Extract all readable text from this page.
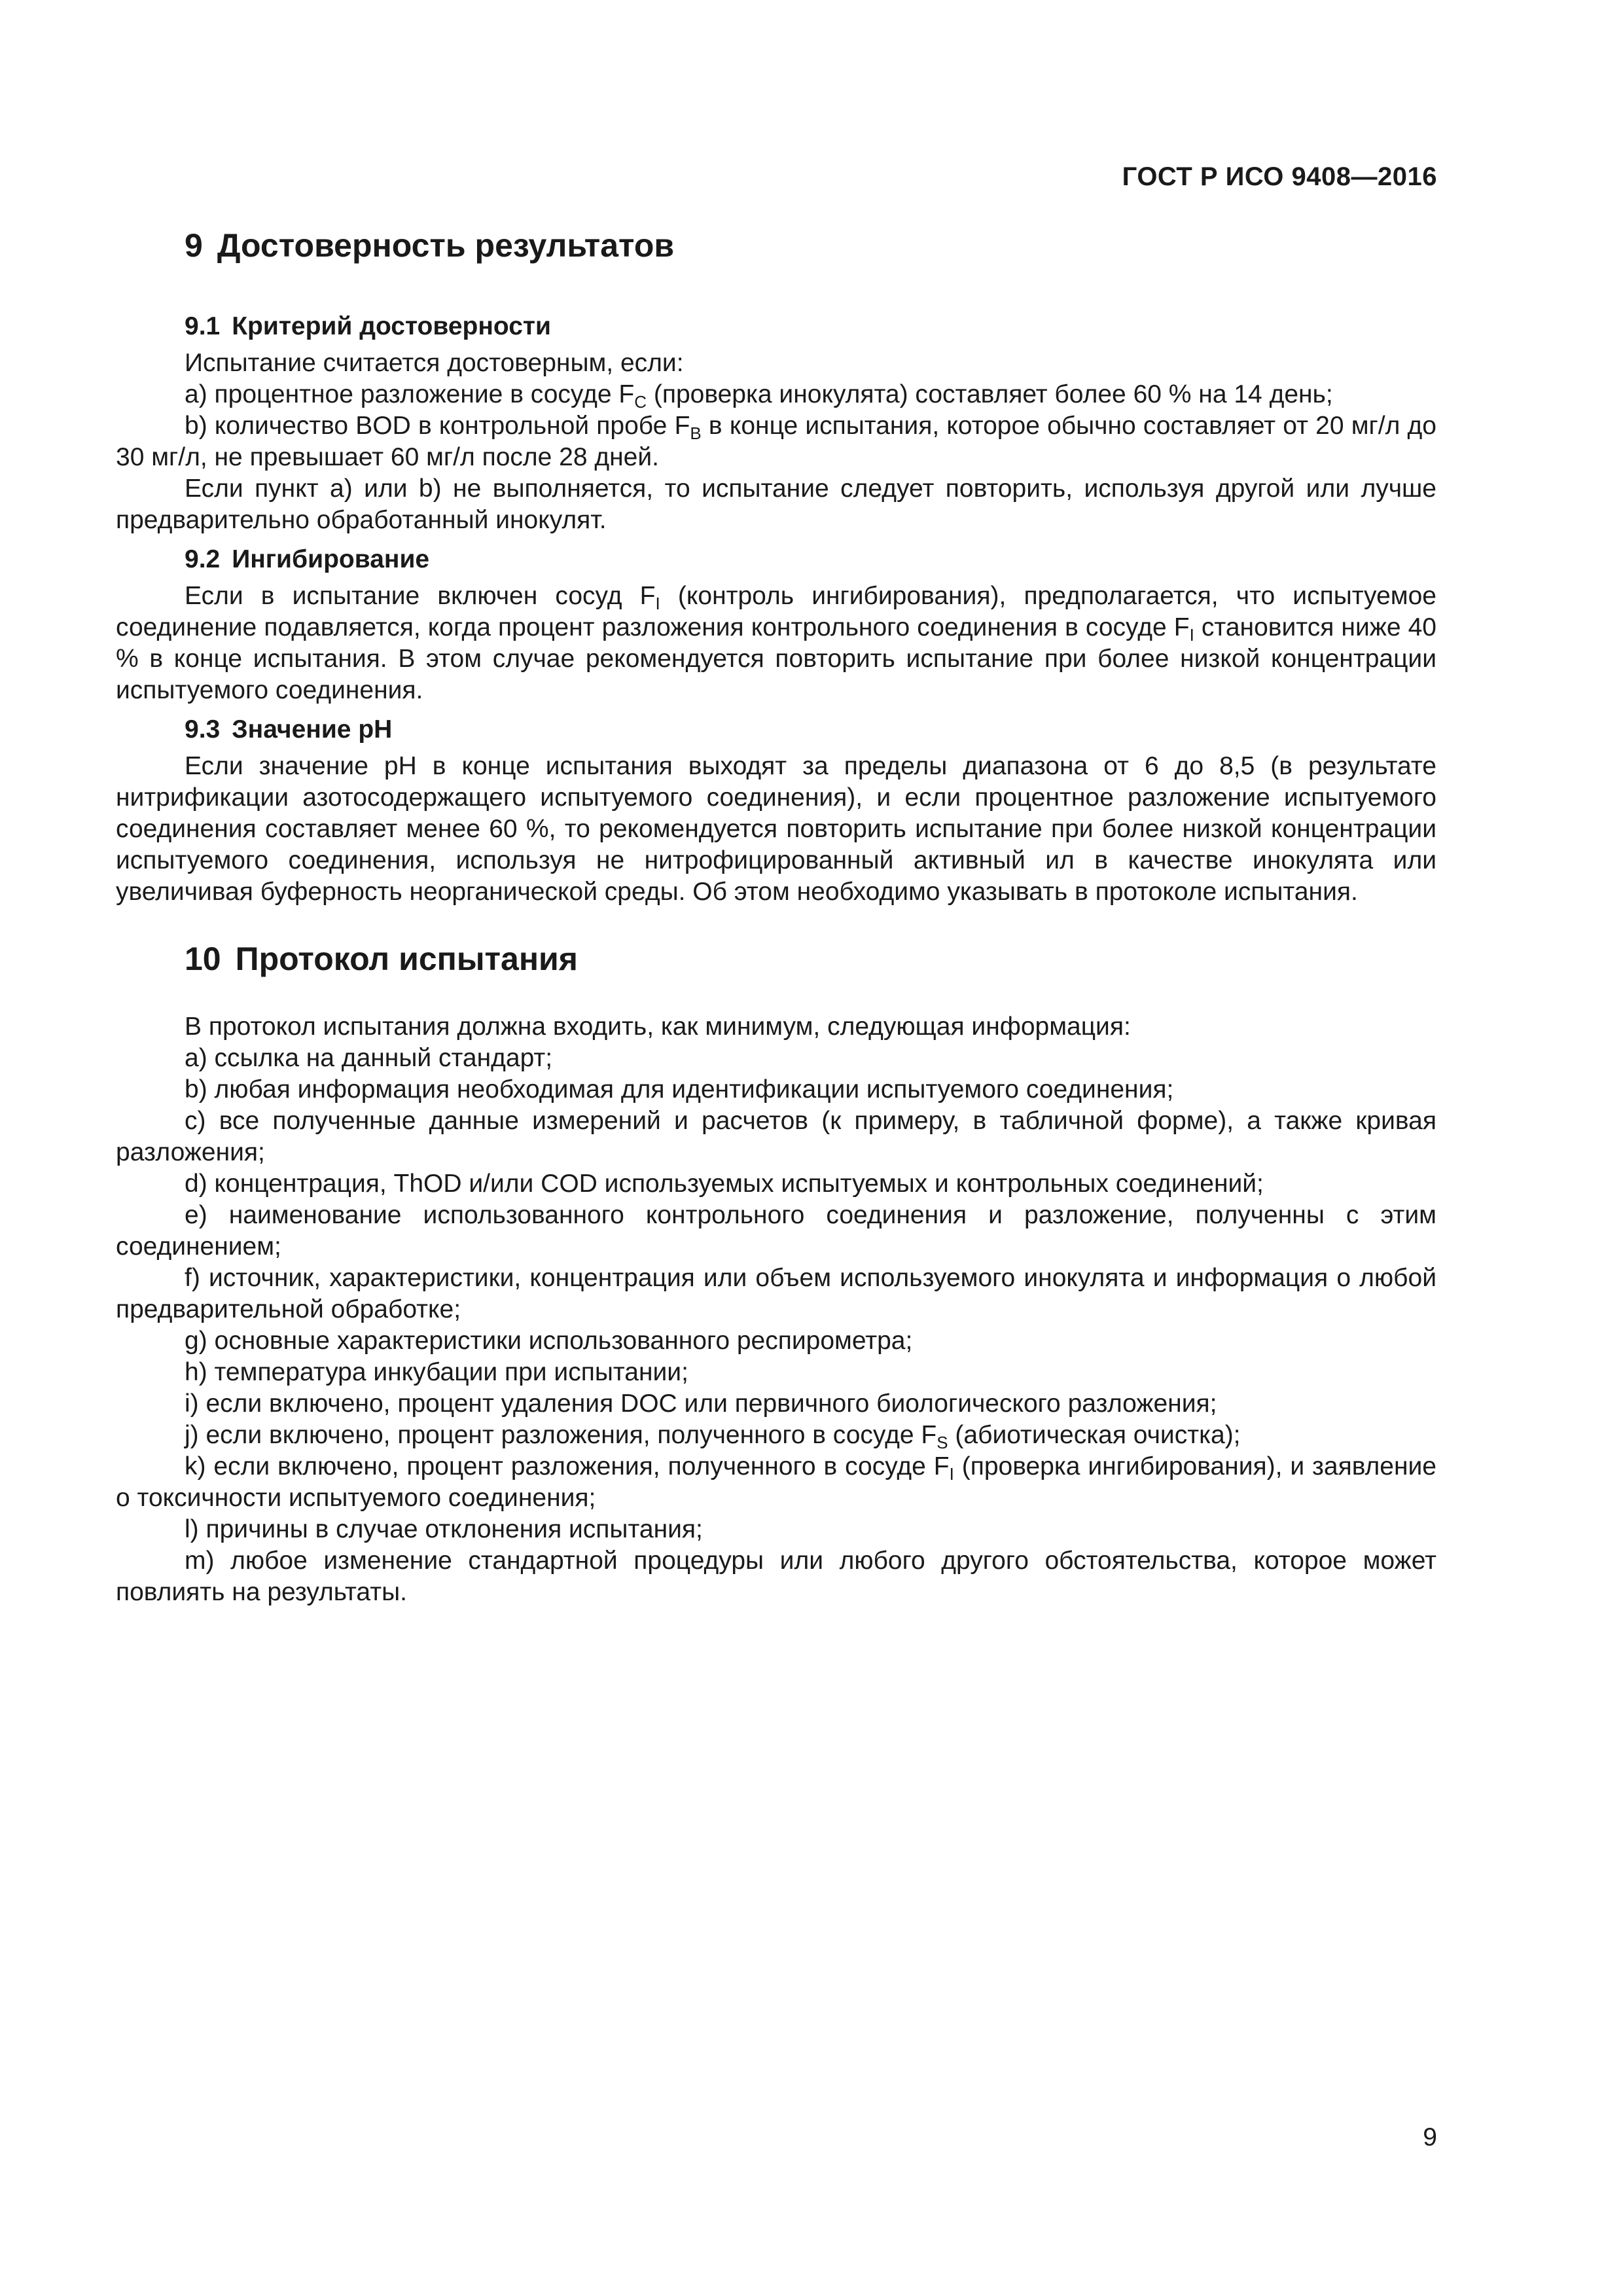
ГОСТ Р ИСО 9408—2016
9 Достоверность результатов
9.1 Критерий достоверности

Испытание считается достоверным, если:

а) процентное разложение в сосуде $F_C$ (проверка инокулята) составляет более 60 % на 14 день;

b) количество BOD в контрольной пробе $F_B$ в конце испытания, которое обычно составляет от 20 мг/л до 30 мг/л, не превышает 60 мг/л после 28 дней.

Если пункт а) или b) не выполняется, то испытание следует повторить, используя другой или лучше предварительно обработанный инокулят.

9.2 Ингибирование

Если в испытание включен сосуд $F_I$ (контроль ингибирования), предполагается, что испытуемое соединение подавляется, когда процент разложения контрольного соединения в сосуде $F_I$ становится ниже 40 % в конце испытания. В этом случае рекомендуется повторить испытание при более низкой концентрации испытуемого соединения.

9.3 Значение pH

Если значение pH в конце испытания выходят за пределы диапазона от 6 до 8,5 (в результате нитрификации азотосодержащего испытуемого соединения), и если процентное разложение испытуемого соединения составляет менее 60 %, то рекомендуется повторить испытание при более низкой концентрации испытуемого соединения, используя не нитрофицированный активный ил в качестве инокулята или увеличивая буферность неорганической среды. Об этом необходимо указывать в протоколе испытания.

10 Протокол испытания

В протокол испытания должна входить, как минимум, следующая информация:

а) ссылка на данный стандарт;

b) любая информация необходимая для идентификации испытуемого соединения;

c) все полученные данные измерений и расчетов (к примеру, в табличной форме), а также кривая разложения;

d) концентрация, ThOD и/или COD используемых испытуемых и контрольных соединений;

e) наименование использованного контрольного соединения и разложение, полученны с этим соединением;

f) источник, характеристики, концентрация или объем используемого инокулята и информация о любой предварительной обработке;

g) основные характеристики использованного респирометра;

h) температура инкубации при испытании;

i) если включено, процент удаления DOC или первичного биологического разложения;

j) если включено, процент разложения, полученного в сосуде $F_S$ (абиотическая очистка);

k) если включено, процент разложения, полученного в сосуде $F_I$ (проверка ингибирования), и заявление о токсичности испытуемого соединения;

l) причины в случае отклонения испытания;

m) любое изменение стандартной процедуры или любого другого обстоятельства, которое может повлиять на результаты.

9
